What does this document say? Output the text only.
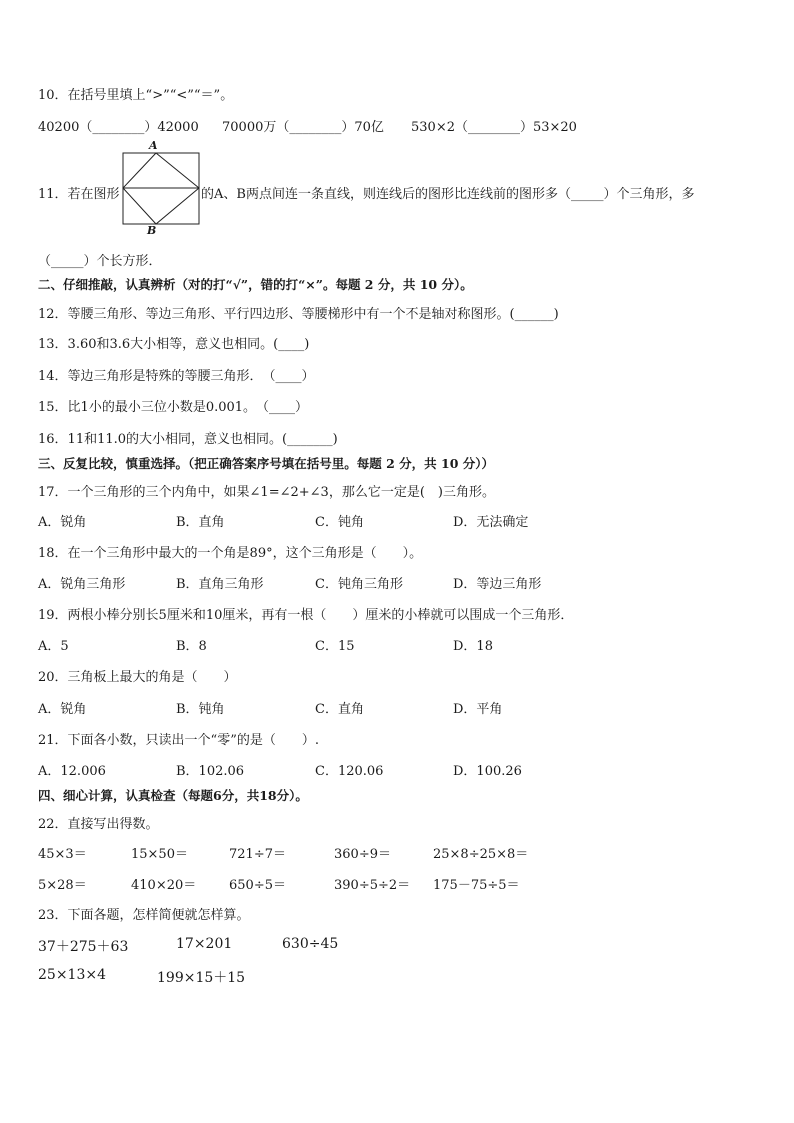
10．在括号里填上“>”“<”“＝”。
40200（________）42000 70000万（________）70亿 530×2（________）53×20
11．若在图形
A
B
的A、B两点间连一条直线，则连线后的图形比连线前的图形多（_____）个三角形，多
（_____）个长方形．
二、仔细推敲，认真辨析（对的打“√”，错的打“×”。每题 2 分，共 10 分）。
12．等腰三角形、等边三角形、平行四边形、等腰梯形中有一个不是轴对称图形。(______)
13．3.60和3.6大小相等，意义也相同。(____)
14．等边三角形是特殊的等腰三角形．　（____）
15．比1小的最小三位小数是0.001。　（____）
16．11和11.0的大小相同，意义也相同。(_______)
三、反复比较，慎重选择。（把正确答案序号填在括号里。每题 2 分，共 10 分））
17．一个三角形的三个内角中，如果∠1=∠2+∠3，那么它一定是(　)三角形。
A．锐角	B．直角	C．钝角	D．无法确定
18．在一个三角形中最大的一个角是89°，这个三角形是（　　）。
A．锐角三角形	B．直角三角形	C．钝角三角形	D．等边三角形
19．两根小棒分别长5厘米和10厘米，再有一根（　　）厘米的小棒就可以围成一个三角形．
A．5	B．8	C．15	D．18
20．三角板上最大的角是（　　）
A．锐角	B．钝角	C．直角	D．平角
21．下面各小数，只读出一个“零”的是（　　）.
A．12.006	B．102.06	C．120.06	D．100.26
四、细心计算，认真检查（每题6分，共18分）。
22．直接写出得数。
45×3＝	15×50＝	721÷7＝	360÷9＝	25×8÷25×8＝
5×28＝	410×20＝	650÷5＝	390÷5÷2＝ 175－75÷5＝
23．下面各题，怎样简便就怎样算。
37＋275＋63	17×201	630÷45
25×13×4	199×15＋15
